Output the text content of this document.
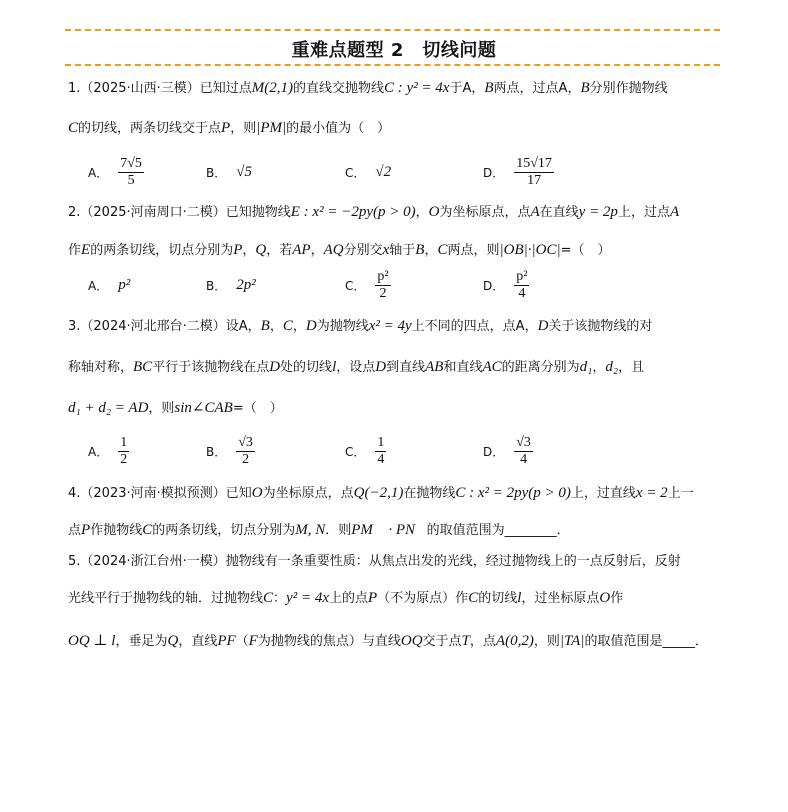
重难点题型 2　切线问题
1.（2025·山西·三模）已知过点M(2,1)的直线交抛物线C : y² = 4x于A，B两点，过点A，B分别作抛物线
C的切线，两条切线交于点P，则|PM|的最小值为（　）
A． $\frac{7√5}{5}$	B． √5	C． √2	D． $\frac{15√17}{17}$
2.（2025·河南周口·二模）已知抛物线E : x² = −2py(p > 0)，O为坐标原点，点A在直线y = 2p上，过点A
作E的两条切线，切点分别为P，Q，若AP，AQ分别交x轴于B，C两点，则|OB|·|OC|=（　）
A． p²	B． 2p²	C． $\frac{\text{p²}}{2}$	D． $\frac{\text{p²}}{4}$
3.（2024·河北邢台·二模）设A，B，C，D为抛物线x² = 4y上不同的四点，点A，D关于该抛物线的对
称轴对称，BC平行于该抛物线在点D处的切线l，设点D到直线AB和直线AC的距离分别为d₁，d₂，且
d₁ + d₂ = AD，则sin∠CAB=（　）
A． $\frac{1}{2}$	B． $\frac{√3}{2}$	C． $\frac{1}{4}$	D． $\frac{√3}{4}$
4.（2023·河南·模拟预测）已知O为坐标原点，点Q(−2,1)在抛物线C : x² = 2py(p > 0)上，过直线x = 2上一
点P作抛物线C的两条切线，切点分别为M, N．则PM⃗ · PN⃗的取值范围为________．
5.（2024·浙江台州·一模）抛物线有一条重要性质：从焦点出发的光线，经过抛物线上的一点反射后，反射
光线平行于抛物线的轴．过抛物线C：y² = 4x上的点P（不为原点）作C的切线l，过坐标原点O作
OQ ⊥ l，垂足为Q，直线PF（F为抛物线的焦点）与直线OQ交于点T，点A(0,2)，则|TA|的取值范围是_____．
